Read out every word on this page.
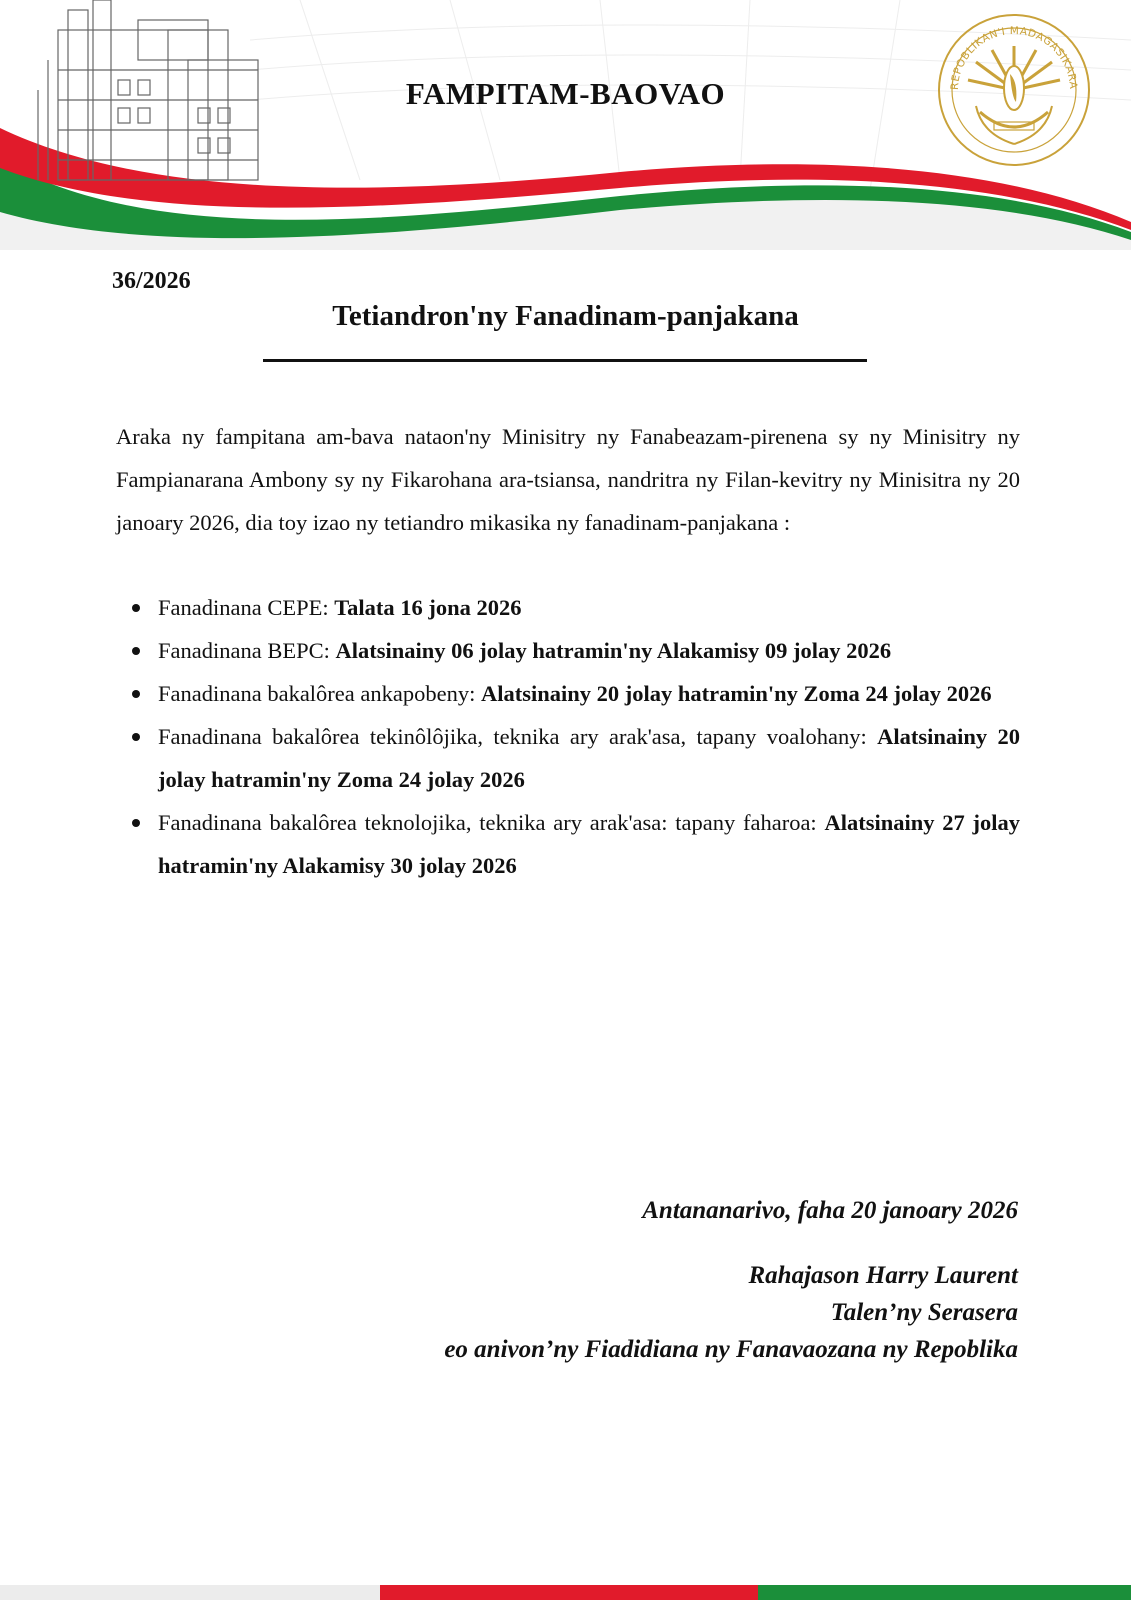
REPOBLIKAN'I MADAGASIKARA
FAMPITAM-BAOVAO
36/2026
Tetiandron'ny Fanadinam-panjakana

Araka ny fampitana am-bava nataon'ny Minisitry ny Fanabeazam-pirenena sy ny Minisitry ny Fampianarana Ambony sy ny Fikarohana ara-tsiansa, nandritra ny Filan-kevitry ny Minisitra ny 20 janoary 2026, dia toy izao ny tetiandro mikasika ny fanadinam-panjakana :

Fanadinana CEPE: Talata 16 jona 2026
Fanadinana BEPC: Alatsinainy 06 jolay hatramin'ny Alakamisy 09 jolay 2026
Fanadinana bakalôrea ankapobeny: Alatsinainy 20 jolay hatramin'ny Zoma 24 jolay 2026
Fanadinana bakalôrea tekinôlôjika, teknika ary arak'asa, tapany voalohany: Alatsinainy 20 jolay hatramin'ny Zoma 24 jolay 2026
Fanadinana bakalôrea teknolojika, teknika ary arak'asa: tapany faharoa: Alatsinainy 27 jolay hatramin'ny Alakamisy 30 jolay 2026
Antananarivo, faha 20 janoary 2026
Rahajason Harry Laurent
Talen’ny Serasera
eo anivon’ny Fiadidiana ny Fanavaozana ny Repoblika
